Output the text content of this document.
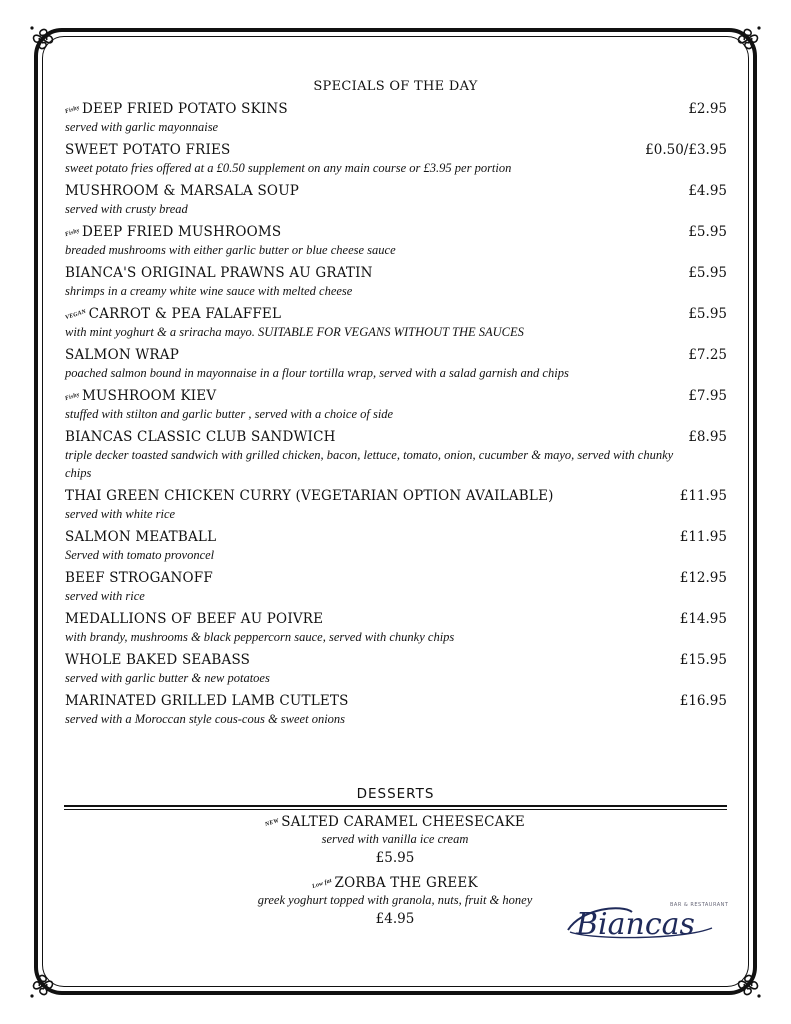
SPECIALS OF THE DAY
FishyDEEP FRIED POTATO SKINS	£2.95
served with garlic mayonnaise
SWEET POTATO FRIES	£0.50/£3.95
sweet potato fries offered at a £0.50 supplement on any main course or £3.95 per portion
MUSHROOM & MARSALA SOUP	£4.95
served with crusty bread
FishyDEEP FRIED MUSHROOMS	£5.95
breaded mushrooms with either garlic butter or blue cheese sauce
BIANCA'S ORIGINAL PRAWNS AU GRATIN	£5.95
shrimps in a creamy white wine sauce with melted cheese
VEGAN CARROT & PEA FALAFFEL	£5.95
with mint yoghurt & a sriracha mayo. SUITABLE FOR VEGANS WITHOUT THE SAUCES
SALMON WRAP	£7.25
poached salmon bound in mayonnaise in a flour tortilla wrap, served with a salad garnish and chips
FishyMUSHROOM KIEV	£7.95
stuffed with stilton and garlic butter , served with a choice of side
BIANCAS CLASSIC CLUB SANDWICH	£8.95
triple decker toasted sandwich with grilled chicken, bacon, lettuce, tomato, onion, cucumber & mayo, served with chunky chips
THAI GREEN CHICKEN CURRY (VEGETARIAN OPTION AVAILABLE)	£11.95
served with white rice
SALMON MEATBALL	£11.95
Served with tomato provoncel
BEEF STROGANOFF	£12.95
served with rice
MEDALLIONS OF BEEF AU POIVRE	£14.95
with brandy, mushrooms & black peppercorn sauce, served with chunky chips
WHOLE BAKED SEABASS	£15.95
served with garlic butter & new potatoes
MARINATED GRILLED LAMB CUTLETS	£16.95
served with a Moroccan style cous-cous & sweet onions
DESSERTS
NEWSALTED CARAMEL CHEESECAKE
served with vanilla ice cream
£5.95
Low fat ZORBA THE GREEK
greek yoghurt topped with granola, nuts, fruit & honey
£4.95
BAR & RESTAURANT
Biancas
